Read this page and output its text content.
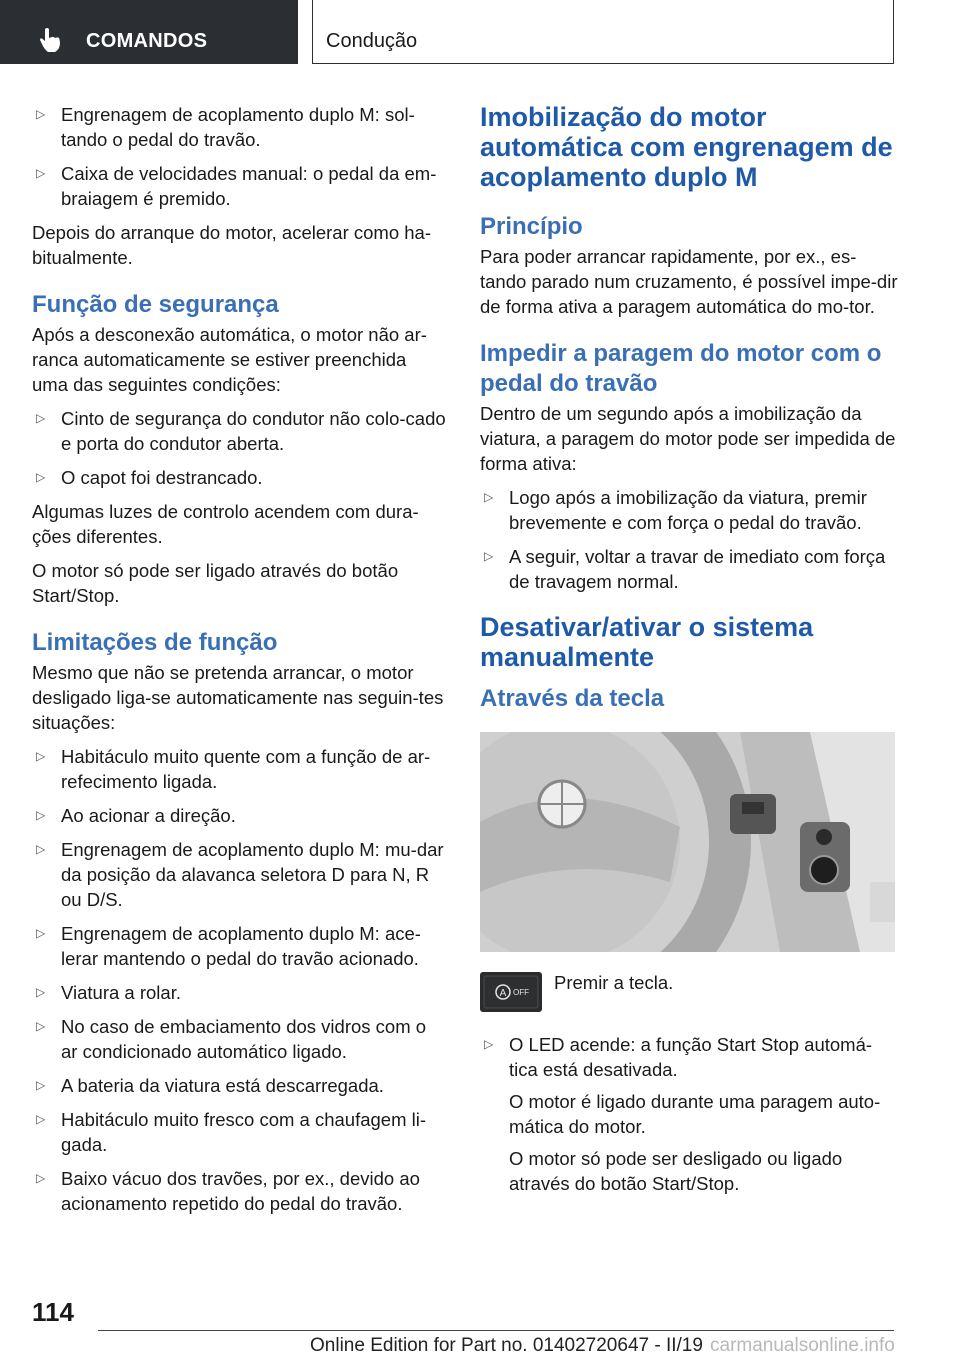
COMANDOS	Condução
▷ Engrenagem de acoplamento duplo M: sol-tando o pedal do travão.

▷ Caixa de velocidades manual: o pedal da em-braiagem é premido.

Depois do arranque do motor, acelerar como ha-bitualmente.

Função de segurança

Após a desconexão automática, o motor não ar-ranca automaticamente se estiver preenchida uma das seguintes condições:

▷ Cinto de segurança do condutor não colo-cado e porta do condutor aberta.

▷ O capot foi destrancado.

Algumas luzes de controlo acendem com dura-ções diferentes.

O motor só pode ser ligado através do botão Start/Stop.

Limitações de função

Mesmo que não se pretenda arrancar, o motor desligado liga-se automaticamente nas seguin-tes situações:

▷ Habitáculo muito quente com a função de ar-refecimento ligada.

▷ Ao acionar a direção.

▷ Engrenagem de acoplamento duplo M: mu-dar da posição da alavanca seletora D para N, R ou D/S.

▷ Engrenagem de acoplamento duplo M: ace-lerar mantendo o pedal do travão acionado.

▷ Viatura a rolar.

▷ No caso de embaciamento dos vidros com o ar condicionado automático ligado.

▷ A bateria da viatura está descarregada.

▷ Habitáculo muito fresco com a chaufagem li-gada.

▷ Baixo vácuo dos travões, por ex., devido ao acionamento repetido do pedal do travão.

Imobilização do motor automática com engrenagem de acoplamento duplo M
Princípio

Para poder arrancar rapidamente, por ex., es-tando parado num cruzamento, é possível impe-dir de forma ativa a paragem automática do mo-tor.

Impedir a paragem do motor com o pedal do travão

Dentro de um segundo após a imobilização da viatura, a paragem do motor pode ser impedida de forma ativa:

▷ Logo após a imobilização da viatura, premir brevemente e com força o pedal do travão.

▷ A seguir, voltar a travar de imediato com força de travagem normal.

Desativar/ativar o sistema manualmente
Através da tecla
A OFF Premir a tecla.

▷ O LED acende: a função Start Stop automá-tica está desativada.

O motor é ligado durante uma paragem auto-mática do motor.

O motor só pode ser desligado ou ligado através do botão Start/Stop.

114
Online Edition for Part no. 01402720647 - II/19 carmanualsonline.info
